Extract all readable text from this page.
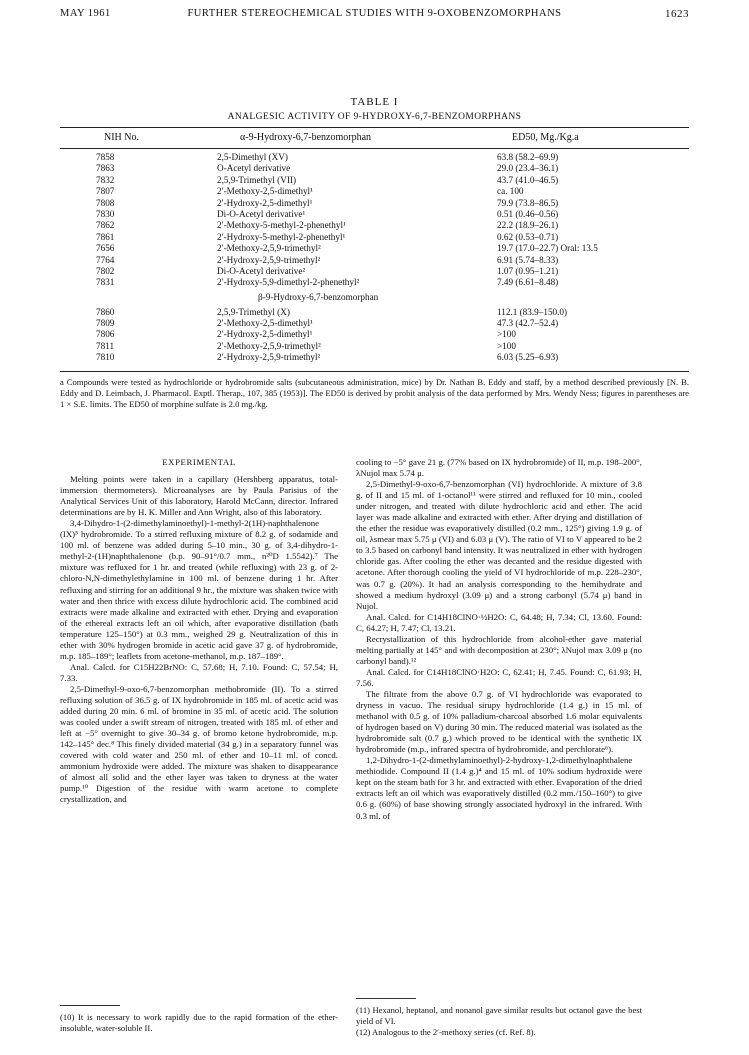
MAY 1961	FURTHER STEREOCHEMICAL STUDIES WITH 9-OXOBENZOMORPHANS	1623
TABLE I
ANALGESIC ACTIVITY OF 9-HYDROXY-6,7-BENZOMORPHANS
NIH No.	α-9-Hydroxy-6,7-benzomorphan	ED50, Mg./Kg.a
7858	2,5-Dimethyl (XV)	63.8 (58.2–69.9)
7863	O-Acetyl derivative	29.0 (23.4–36.1)
7832	2,5,9-Trimethyl (VII)	43.7 (41.0–46.5)
7807	2′-Methoxy-2,5-dimethyl¹	ca. 100
7808	2′-Hydroxy-2,5-dimethyl¹	79.9 (73.8–86.5)
7830	Di-O-Acetyl derivative¹	0.51 (0.46–0.56)
7862	2′-Methoxy-5-methyl-2-phenethyl¹	22.2 (18.9–26.1)
7861	2′-Hydroxy-5-methyl-2-phenethyl¹	0.62 (0.53–0.71)
7656	2′-Methoxy-2,5,9-trimethyl²	19.7 (17.0–22.7) Oral: 13.5
7764	2′-Hydroxy-2,5,9-trimethyl²	6.91 (5.74–8.33)
7802	Di-O-Acetyl derivative²	1.07 (0.95–1.21)
7831	2′-Hydroxy-5,9-dimethyl-2-phenethyl²	7.49 (6.61–8.48)
β-9-Hydroxy-6,7-benzomorphan
7860	2,5,9-Trimethyl (X)	112.1 (83.9–150.0)
7809	2′-Methoxy-2,5-dimethyl¹	47.3 (42.7–52.4)
7806	2′-Hydroxy-2,5-dimethyl¹	>100
7811	2′-Methoxy-2,5,9-trimethyl²	>100
7810	2′-Hydroxy-2,5,9-trimethyl²	6.03 (5.25–6.93)
a Compounds were tested as hydrochloride or hydrobromide salts (subcutaneous administration, mice) by Dr. Nathan B. Eddy and staff, by a method described previously [N. B. Eddy and D. Leimbach, J. Pharmacol. Exptl. Therap., 107, 385 (1953)]. The ED50 is derived by probit analysis of the data performed by Mrs. Wendy Ness; figures in parentheses are 1 × S.E. limits. The ED50 of morphine sulfate is 2.0 mg./kg.

EXPERIMENTAL

Melting points were taken in a capillary (Hershberg apparatus, total-immersion thermometers). Microanalyses are by Paula Parisius of the Analytical Services Unit of this laboratory, Harold McCann, director. Infrared determinations are by H. K. Miller and Ann Wright, also of this laboratory.

3,4-Dihydro-1-(2-dimethylaminoethyl)-1-methyl-2(1H)-naphthalenone (IX)⁵ hydrobromide. To a stirred refluxing mixture of 8.2 g. of sodamide and 100 ml. of benzene was added during 5–10 min., 30 g. of 3,4-dihydro-1-methyl-2-(1H)naphthalenone (b.p. 90–91°/0.7 mm., n²⁰D 1.5542).⁷ The mixture was refluxed for 1 hr. and treated (while refluxing) with 23 g. of 2-chloro-N,N-dimethylethylamine in 100 ml. of benzene during 1 hr. After refluxing and stirring for an additional 9 hr., the mixture was shaken twice with water and then thrice with excess dilute hydrochloric acid. The combined acid extracts were made alkaline and extracted with ether. Drying and evaporation of the ethereal extracts left an oil which, after evaporative distillation (bath temperature 125–150°) at 0.3 mm., weighed 29 g. Neutralization of this in ether with 30% hydrogen bromide in acetic acid gave 37 g. of hydrobromide, m.p. 185–189°; leaflets from acetone-methanol, m.p. 187–189°.

Anal. Calcd. for C15H22BrNO: C, 57.68; H, 7.10. Found: C, 57.54; H, 7.33.

2,5-Dimethyl-9-oxo-6,7-benzomorphan methobromide (II). To a stirred refluxing solution of 36.5 g. of IX hydrobromide in 185 ml. of acetic acid was added during 20 min. 6 ml. of bromine in 35 ml. of acetic acid. The solution was cooled under a swift stream of nitrogen, treated with 185 ml. of ether and left at −5° overnight to give 30–34 g. of bromo ketone hydrobromide, m.p. 142–145° dec.⁸ This finely divided material (34 g.) in a separatory funnel was covered with cold water and 250 ml. of ether and 10–11 ml. of concd. ammonium hydroxide were added. The mixture was shaken to disappearance of almost all solid and the ether layer was taken to dryness at the water pump.¹⁰ Digestion of the residue with warm acetone to complete crystallization, and

cooling to −5° gave 21 g. (77% based on IX hydrobromide) of II, m.p. 198–200°, λNujol max 5.74 μ.

2,5-Dimethyl-9-oxo-6,7-benzomorphan (VI) hydrochloride. A mixture of 3.8 g. of II and 15 ml. of 1-octanol¹¹ were stirred and refluxed for 10 min., cooled under nitrogen, and treated with dilute hydrochloric acid and ether. The acid layer was made alkaline and extracted with ether. After drying and distillation of the ether the residue was evaporatively distilled (0.2 mm., 125°) giving 1.9 g. of oil, λsmear max 5.75 μ (VI) and 6.03 μ (V). The ratio of VI to V appeared to be 2 to 3.5 based on carbonyl band intensity. It was neutralized in ether with hydrogen chloride gas. After cooling the ether was decanted and the residue digested with acetone. After thorough cooling the yield of VI hydrochloride of m.p. 228–230°, was 0.7 g. (20%). It had an analysis corresponding to the hemihydrate and showed a medium hydroxyl (3.09 μ) and a strong carbonyl (5.74 μ) band in Nujol.

Anal. Calcd. for C14H18ClNO·½H2O: C, 64.48; H, 7.34; Cl, 13.60. Found: C, 64.27; H, 7.47; Cl, 13.21.

Recrystallization of this hydrochloride from alcohol-ether gave material melting partially at 145° and with decomposition at 230°; λNujol max 3.09 μ (no carbonyl band).¹²

Anal. Calcd. for C14H18ClNO·H2O: C, 62.41; H, 7.45. Found: C, 61.93; H, 7.56.

The filtrate from the above 0.7 g. of VI hydrochloride was evaporated to dryness in vacuo. The residual sirupy hydrochloride (1.4 g.) in 15 ml. of methanol with 0.5 g. of 10% palladium-charcoal absorbed 1.6 molar equivalents of hydrogen based on V) during 30 min. The reduced material was isolated as the hydrobromide salt (0.7 g.) which proved to be identical with the synthetic IX hydrobromide (m.p., infrared spectra of hydrobromide, and perchlorate⁶).

1,2-Dihydro-1-(2-dimethylaminoethyl)-2-hydroxy-1,2-dimethylnaphthalene methiodide. Compound II (1.4 g.)⁴ and 15 ml. of 10% sodium hydroxide were kept on the steam bath for 3 hr. and extracted with ether. Evaporation of the dried extracts left an oil which was evaporatively distilled (0.2 mm./150–160°) to give 0.6 g. (60%) of base showing strongly associated hydroxyl in the infrared. With 0.3 ml. of

(10) It is necessary to work rapidly due to the rapid formation of the ether-insoluble, water-soluble II.
(11) Hexanol, heptanol, and nonanol gave similar results but octanol gave the best yield of VI.
(12) Analogous to the 2′-methoxy series (cf. Ref. 8).
